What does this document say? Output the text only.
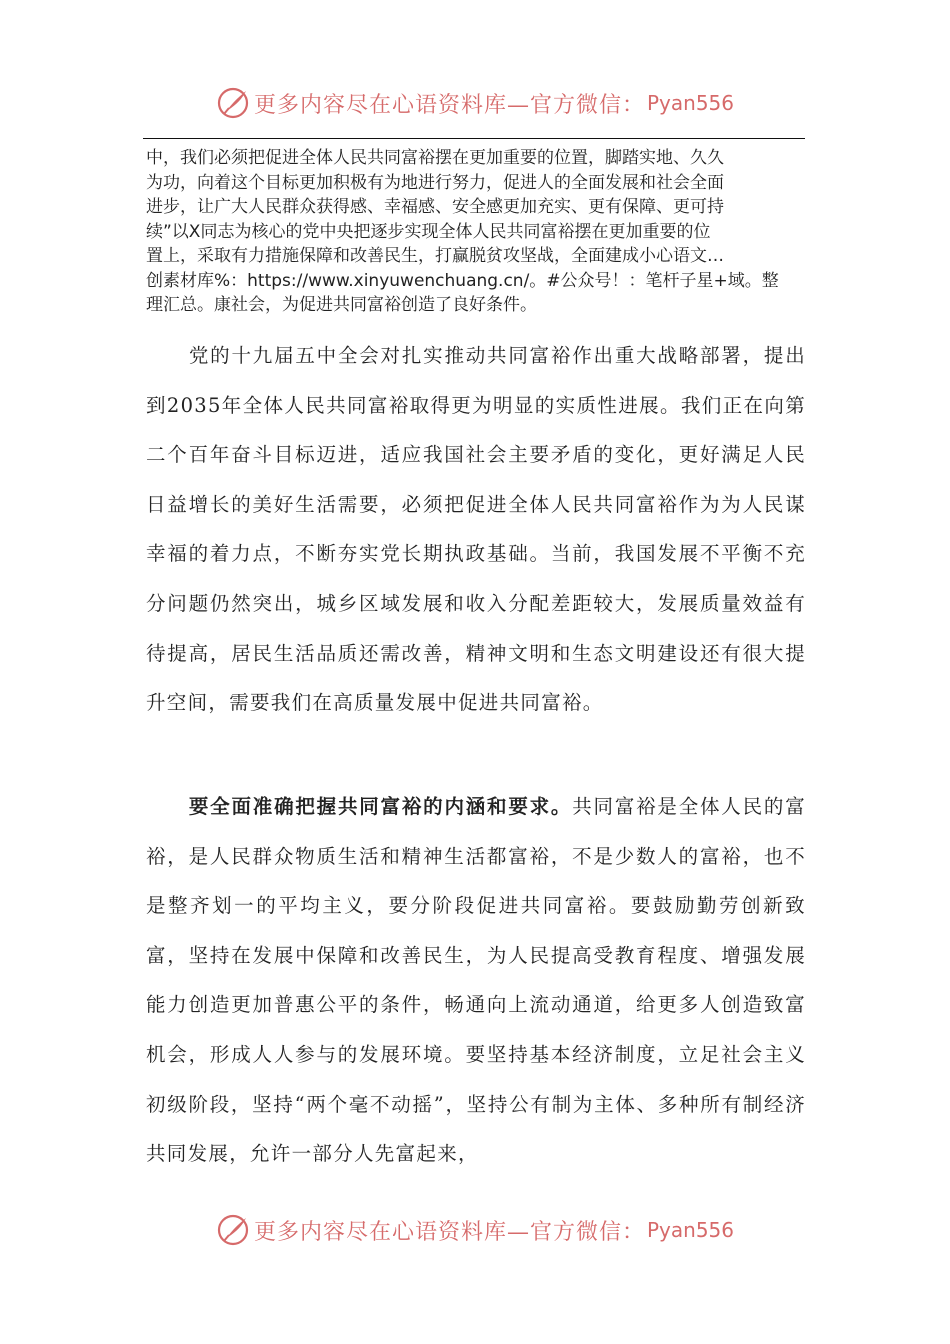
更多内容尽在心语资料库—官方微信： Pyan556

中，我们必须把促进全体人民共同富裕摆在更加重要的位置，脚踏实地、久久

为功，向着这个目标更加积极有为地进行努力，促进人的全面发展和社会全面

进步，让广大人民群众获得感、幸福感、安全感更加充实、更有保障、更可持

续”以Ⅹ同志为核心的党中央把逐步实现全体人民共同富裕摆在更加重要的位

置上，采取有力措施保障和改善民生，打赢脱贫攻坚战，全面建成小心语文…

创素材库%：https://www.xinyuwenchuang.cn/。#公众号！：笔杆子星+域。整

理汇总。康社会，为促进共同富裕创造了良好条件。

党的十九届五中全会对扎实推动共同富裕作出重大战略部署，提出到2035年全体人民共同富裕取得更为明显的实质性进展。我们正在向第二个百年奋斗目标迈进，适应我国社会主要矛盾的变化，更好满足人民日益增长的美好生活需要，必须把促进全体人民共同富裕作为为人民谋幸福的着力点，不断夯实党长期执政基础。当前，我国发展不平衡不充分问题仍然突出，城乡区域发展和收入分配差距较大，发展质量效益有待提高，居民生活品质还需改善，精神文明和生态文明建设还有很大提升空间，需要我们在高质量发展中促进共同富裕。

要全面准确把握共同富裕的内涵和要求。共同富裕是全体人民的富裕，是人民群众物质生活和精神生活都富裕，不是少数人的富裕，也不是整齐划一的平均主义，要分阶段促进共同富裕。要鼓励勤劳创新致富，坚持在发展中保障和改善民生，为人民提高受教育程度、增强发展能力创造更加普惠公平的条件，畅通向上流动通道，给更多人创造致富机会，形成人人参与的发展环境。要坚持基本经济制度，立足社会主义初级阶段，坚持“两个毫不动摇”，坚持公有制为主体、多种所有制经济共同发展，允许一部分人先富起来，

更多内容尽在心语资料库—官方微信： Pyan556
